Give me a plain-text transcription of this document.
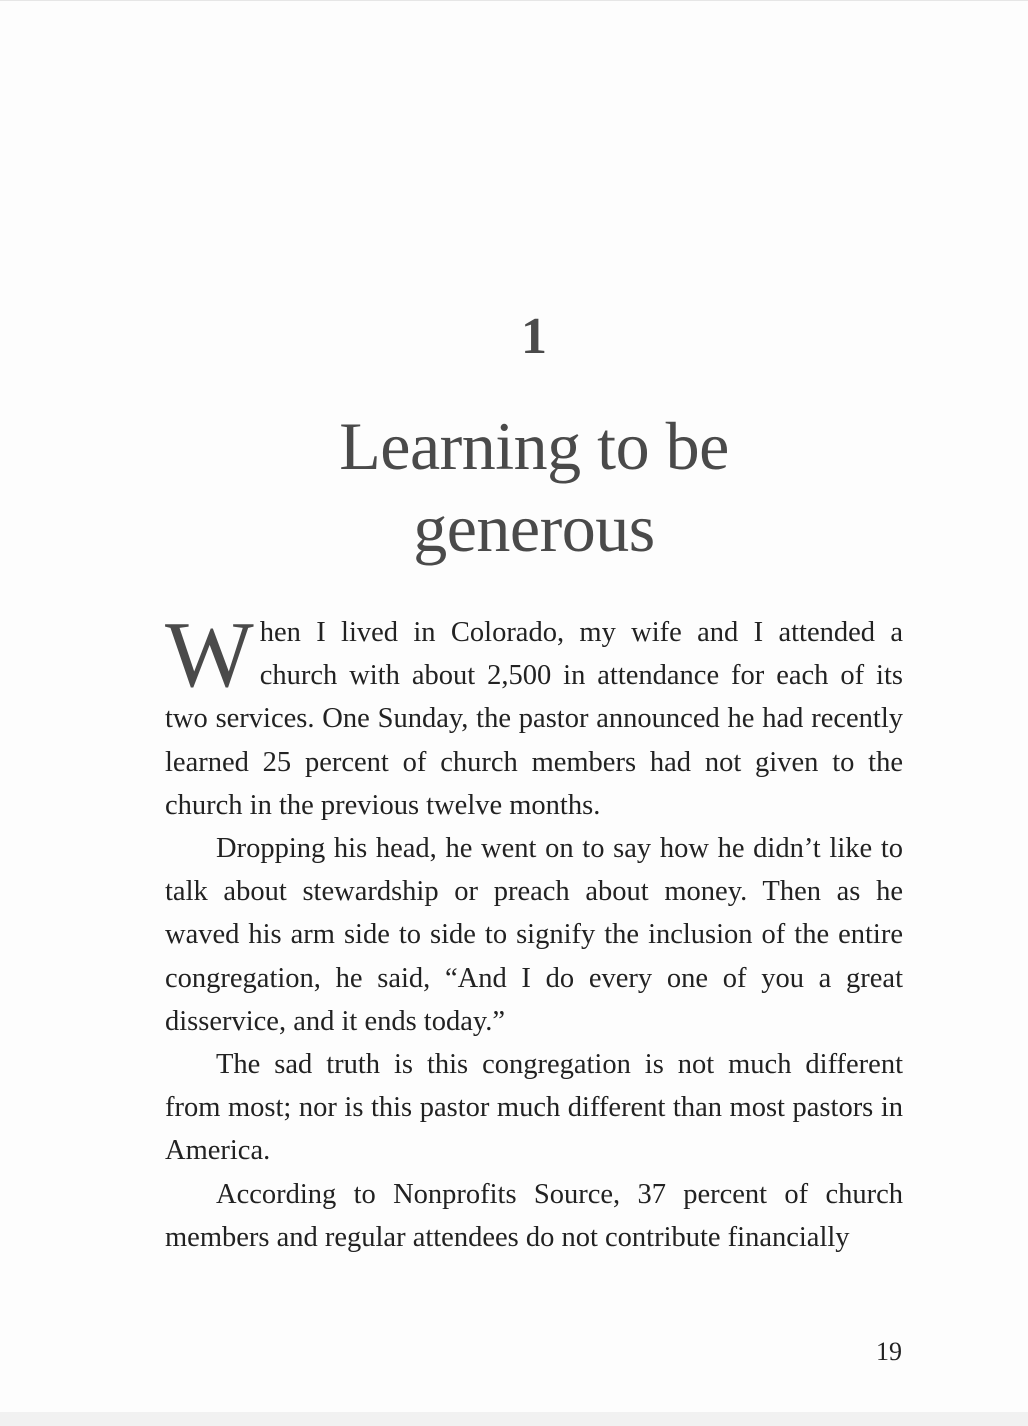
1
Learning to be
generous

When I lived in Colorado, my wife and I attended a church with about 2,500 in attendance for each of its two services. One Sunday, the pastor announced he had recently learned 25 percent of church members had not given to the church in the previous twelve months.

Dropping his head, he went on to say how he didn’t like to talk about stewardship or preach about money. Then as he waved his arm side to side to signify the inclusion of the entire congregation, he said, “And I do every one of you a great disservice, and it ends today.”

The sad truth is this congregation is not much different from most; nor is this pastor much different than most pastors in America.

According to Nonprofits Source, 37 percent of church members and regular attendees do not contribute financially

19
